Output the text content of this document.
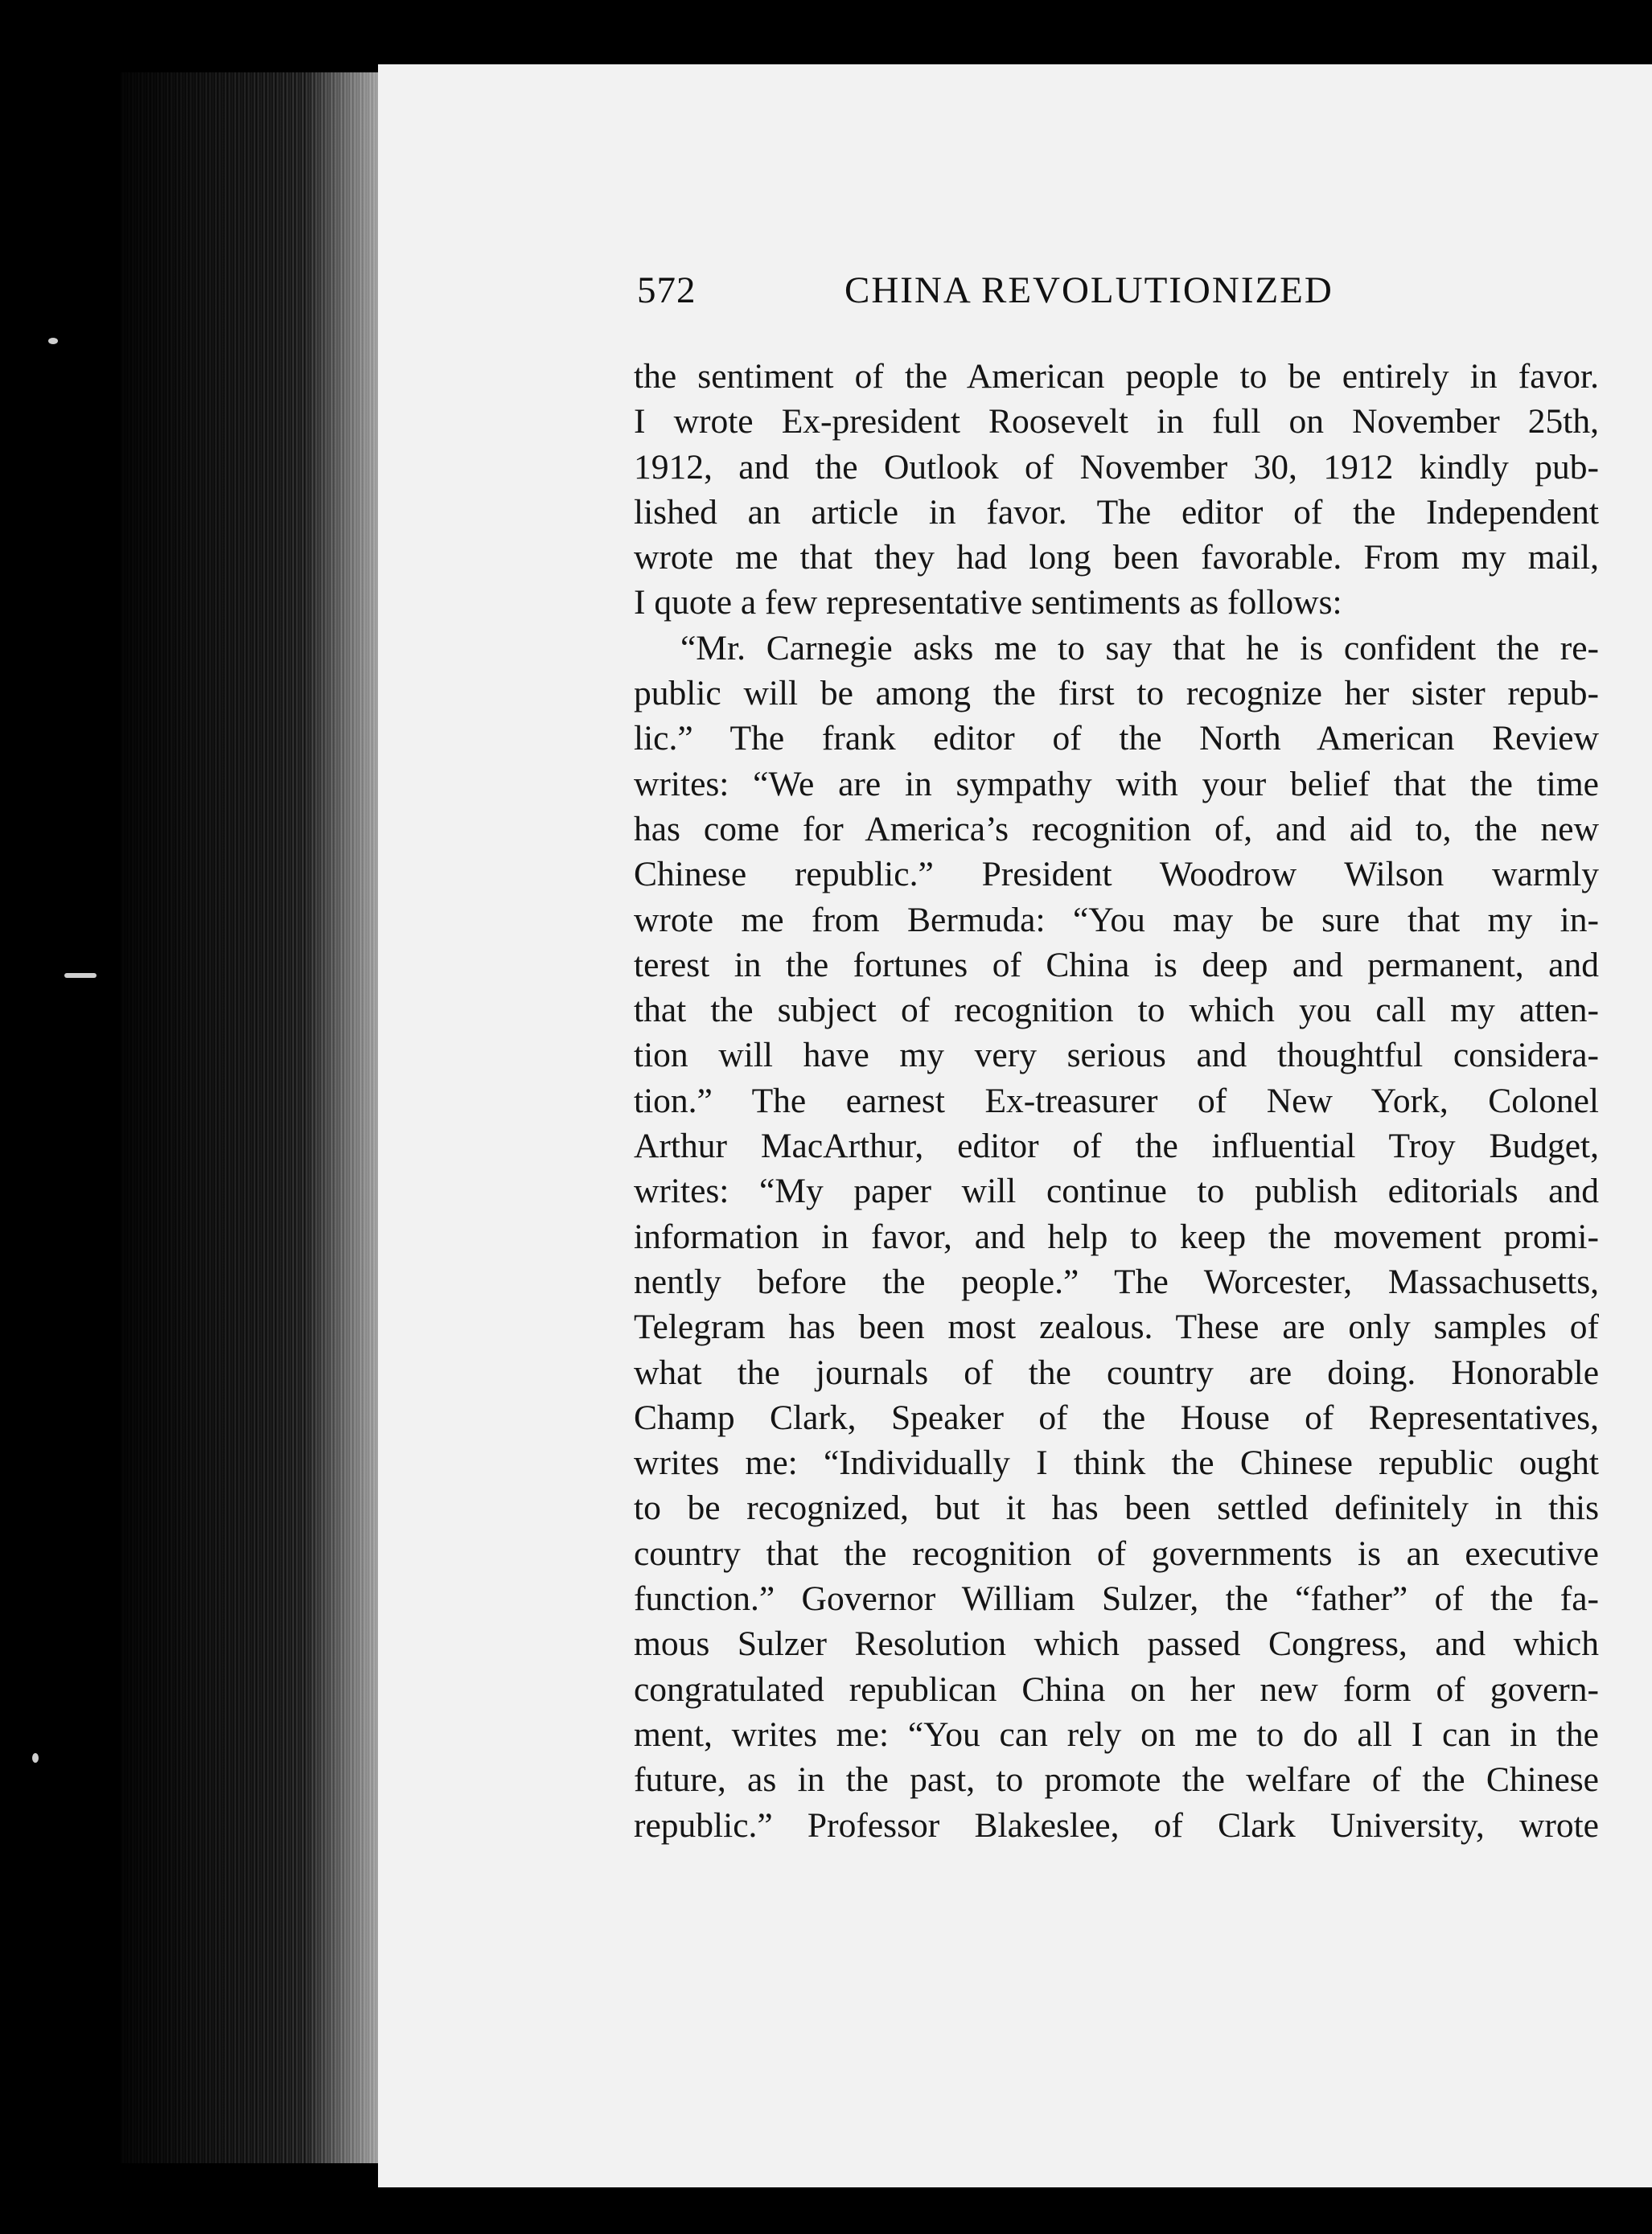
572	CHINA REVOLUTIONIZED
the sentiment of the American people to be entirely in favor.
I wrote Ex-president Roosevelt in full on November 25th,
1912, and the Outlook of November 30, 1912 kindly pub-
lished an article in favor. The editor of the Independent
wrote me that they had long been favorable. From my mail,
I quote a few representative sentiments as follows:
“Mr. Carnegie asks me to say that he is confident the re-
public will be among the first to recognize her sister repub-
lic.” The frank editor of the North American Review
writes: “We are in sympathy with your belief that the time
has come for America’s recognition of, and aid to, the new
Chinese republic.” President Woodrow Wilson warmly
wrote me from Bermuda: “You may be sure that my in-
terest in the fortunes of China is deep and permanent, and
that the subject of recognition to which you call my atten-
tion will have my very serious and thoughtful considera-
tion.” The earnest Ex-treasurer of New York, Colonel
Arthur MacArthur, editor of the influential Troy Budget,
writes: “My paper will continue to publish editorials and
information in favor, and help to keep the movement promi-
nently before the people.” The Worcester, Massachusetts,
Telegram has been most zealous. These are only samples of
what the journals of the country are doing. Honorable
Champ Clark, Speaker of the House of Representatives,
writes me: “Individually I think the Chinese republic ought
to be recognized, but it has been settled definitely in this
country that the recognition of governments is an executive
function.” Governor William Sulzer, the “father” of the fa-
mous Sulzer Resolution which passed Congress, and which
congratulated republican China on her new form of govern-
ment, writes me: “You can rely on me to do all I can in the
future, as in the past, to promote the welfare of the Chinese
republic.” Professor Blakeslee, of Clark University, wrote
